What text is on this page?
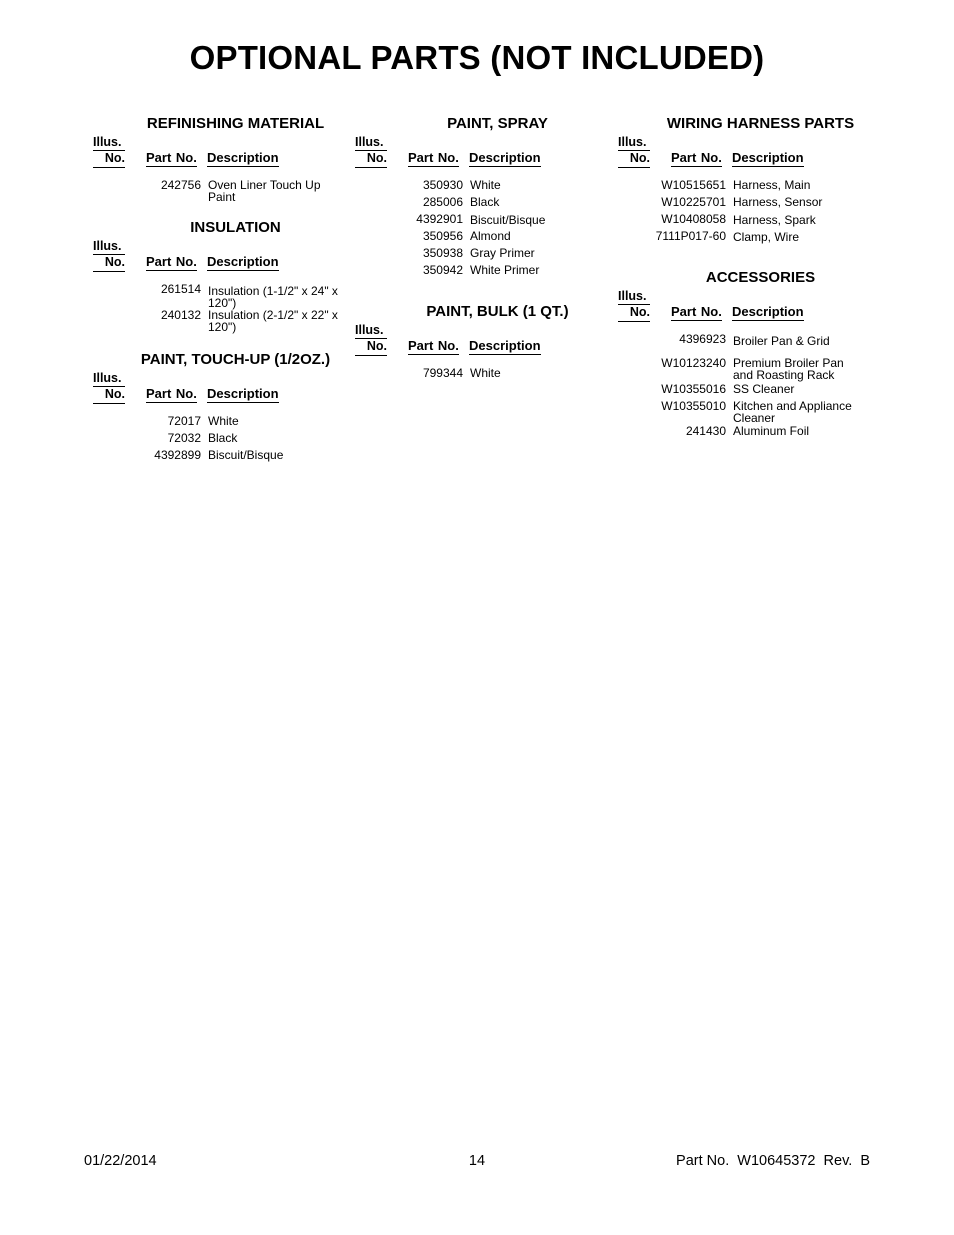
OPTIONAL PARTS (NOT INCLUDED)
REFINISHING MATERIAL
Illus.
No. Part No. Description
242756 Oven Liner Touch Up Paint
INSULATION
Illus.
No. Part No. Description
261514 Insulation (1-1/2" x 24" x 120")
240132 Insulation (2-1/2" x 22" x 120")
PAINT, TOUCH-UP (1/2OZ.)
Illus.
No. Part No. Description
72017 White
72032 Black
4392899 Biscuit/Bisque
PAINT, SPRAY
Illus.
No. Part No. Description
350930 White
285006 Black
4392901 Biscuit/Bisque
350956 Almond
350938 Gray Primer
350942 White Primer
PAINT, BULK (1 QT.)
Illus.
No. Part No. Description
799344 White
WIRING HARNESS PARTS
Illus.
No. Part No. Description
W10515651 Harness, Main
W10225701 Harness, Sensor
W10408058 Harness, Spark
7111P017-60 Clamp, Wire
ACCESSORIES
Illus.
No. Part No. Description
4396923 Broiler Pan & Grid
W10123240 Premium Broiler Pan and Roasting Rack
W10355016 SS Cleaner
W10355010 Kitchen and Appliance Cleaner
241430 Aluminum Foil
01/22/2014	14	Part No.  W10645372  Rev.  B
